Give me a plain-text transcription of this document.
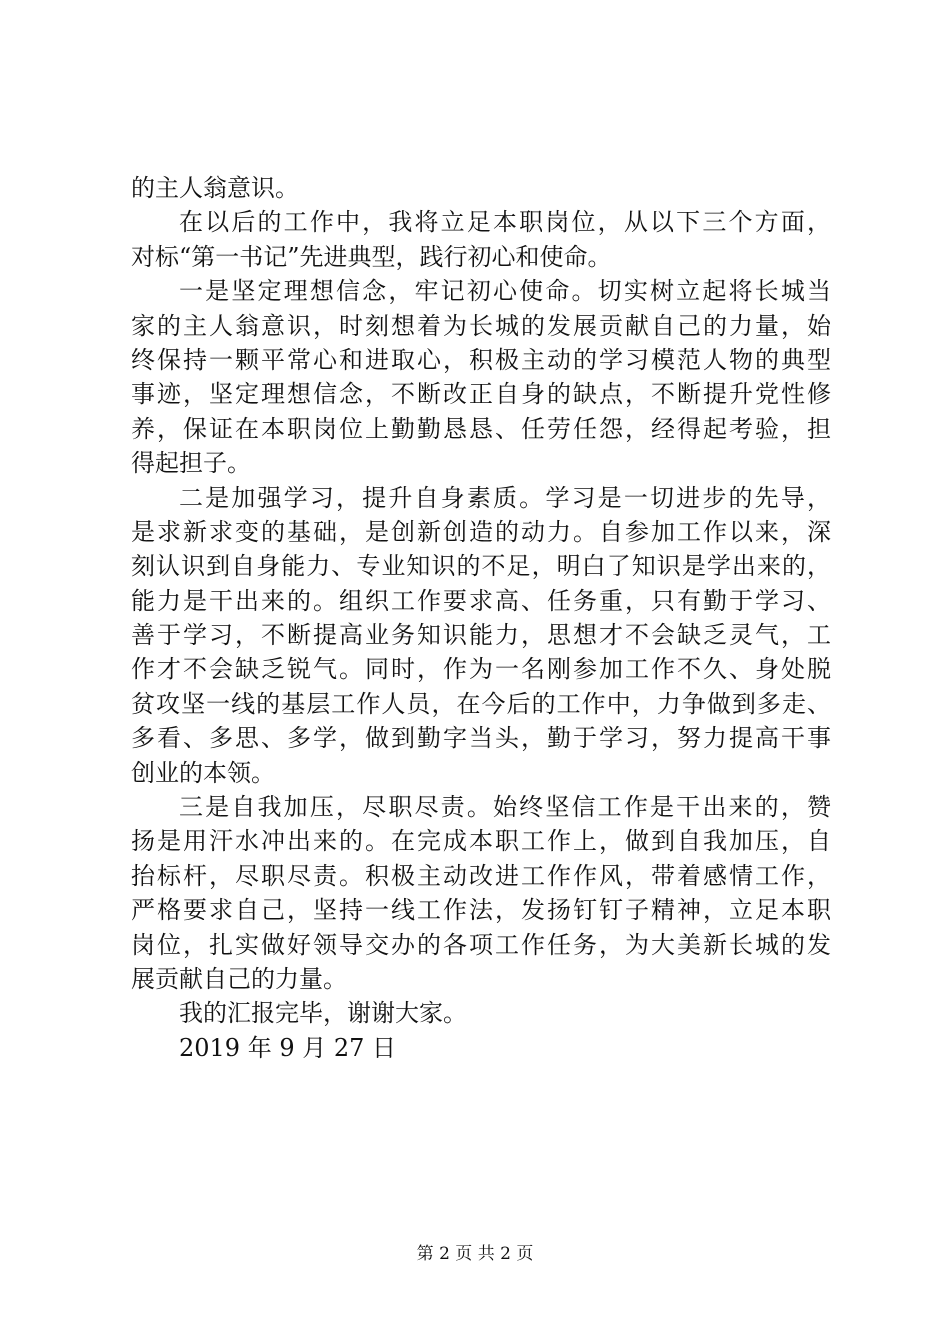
的主人翁意识。
在以后的工作中，我将立足本职岗位，从以下三个方面，
对标“第一书记”先进典型，践行初心和使命。
一是坚定理想信念，牢记初心使命。切实树立起将长城当
家的主人翁意识，时刻想着为长城的发展贡献自己的力量，始
终保持一颗平常心和进取心，积极主动的学习模范人物的典型
事迹，坚定理想信念，不断改正自身的缺点，不断提升党性修
养，保证在本职岗位上勤勤恳恳、任劳任怨，经得起考验，担
得起担子。
二是加强学习，提升自身素质。学习是一切进步的先导，
是求新求变的基础，是创新创造的动力。自参加工作以来，深
刻认识到自身能力、专业知识的不足，明白了知识是学出来的，
能力是干出来的。组织工作要求高、任务重，只有勤于学习、
善于学习，不断提高业务知识能力，思想才不会缺乏灵气，工
作才不会缺乏锐气。同时，作为一名刚参加工作不久、身处脱
贫攻坚一线的基层工作人员，在今后的工作中，力争做到多走、
多看、多思、多学，做到勤字当头，勤于学习，努力提高干事
创业的本领。
三是自我加压，尽职尽责。始终坚信工作是干出来的，赞
扬是用汗水冲出来的。在完成本职工作上，做到自我加压，自
抬标杆，尽职尽责。积极主动改进工作作风，带着感情工作，
严格要求自己，坚持一线工作法，发扬钉钉子精神，立足本职
岗位，扎实做好领导交办的各项工作任务，为大美新长城的发
展贡献自己的力量。
我的汇报完毕，谢谢大家。
2019 年 9 月 27 日
第 2 页 共 2 页
